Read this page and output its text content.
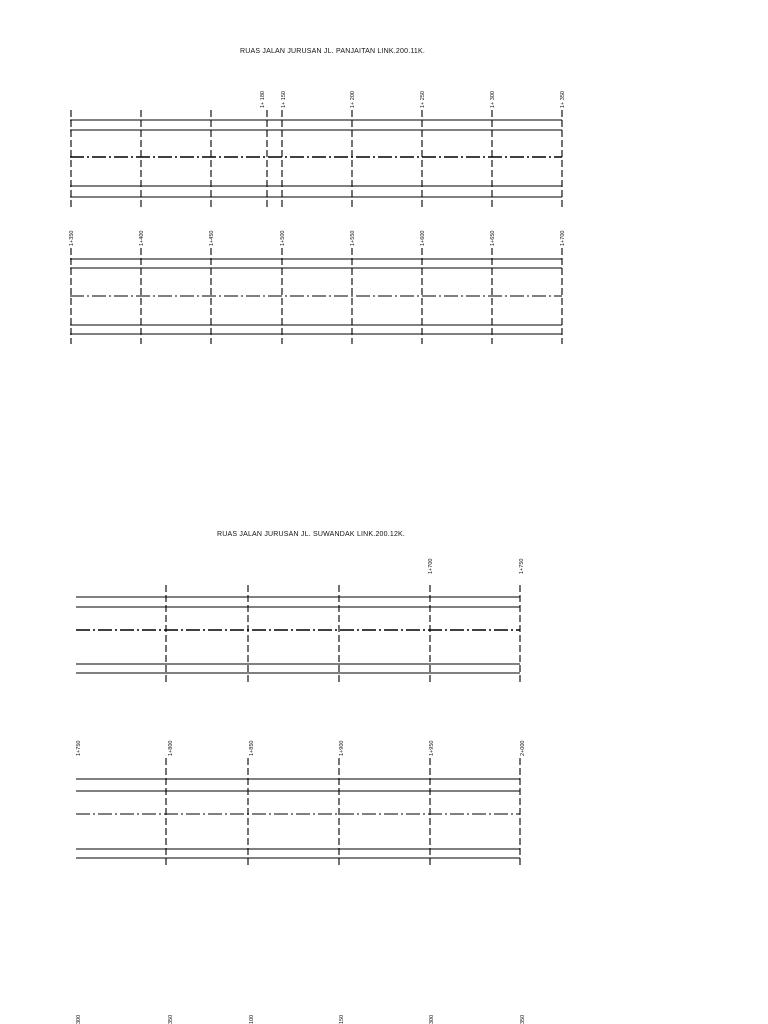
RUAS JALAN JURUSAN JL. PANJAITAN LINK.200.11K.
RUAS JALAN JURUSAN JL. SUWANDAK LINK.200.12K.
1+ 180	1+ 150	1+ 200	1+ 250	1+ 300	1+ 350
1+350	1+400	1+450	1+500	1+550	1+600	1+650	1+700
1+700	1+750
1+750	1+800	1+850	1+900	1+950	2+000
300	350	100	150	300	350
